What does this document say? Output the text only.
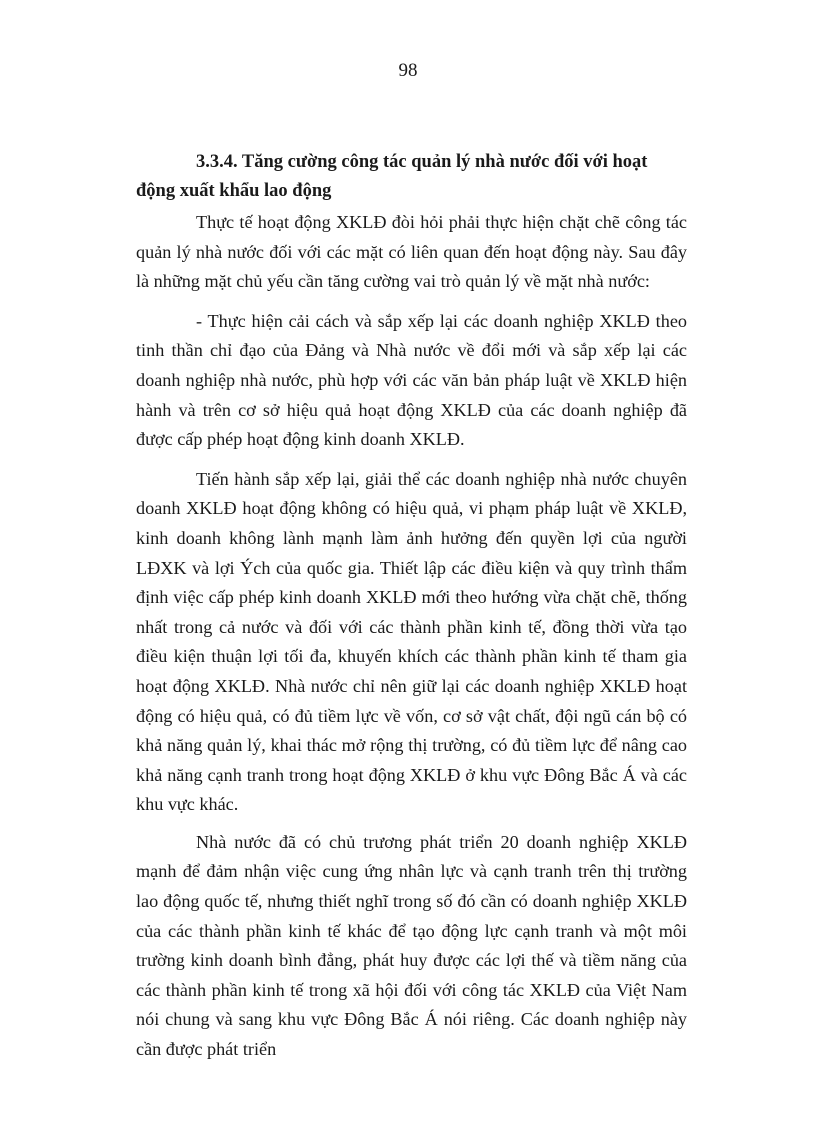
98

3.3.4. Tăng cường công tác quản lý nhà nước đối với hoạt động xuất khẩu lao động

Thực tế hoạt động XKLĐ đòi hỏi phải thực hiện chặt chẽ công tác quản lý nhà nước đối với các mặt có liên quan đến hoạt động này. Sau đây là những mặt chủ yếu cần tăng cường vai trò quản lý về mặt nhà nước:

- Thực hiện cải cách và sắp xếp lại các doanh nghiệp XKLĐ theo tinh thần chỉ đạo của Đảng và Nhà nước về đổi mới và sắp xếp lại các doanh nghiệp nhà nước, phù hợp với các văn bản pháp luật về XKLĐ hiện hành và trên cơ sở hiệu quả hoạt động XKLĐ của các doanh nghiệp đã được cấp phép hoạt động kinh doanh XKLĐ.

Tiến hành sắp xếp lại, giải thể các doanh nghiệp nhà nước chuyên doanh XKLĐ hoạt động không có hiệu quả, vi phạm pháp luật về XKLĐ, kinh doanh không lành mạnh làm ảnh hưởng đến quyền lợi của người LĐXK và lợi Ých của quốc gia. Thiết lập các điều kiện và quy trình thẩm định việc cấp phép kinh doanh XKLĐ mới theo hướng vừa chặt chẽ, thống nhất trong cả nước và đối với các thành phần kinh tế, đồng thời vừa tạo điều kiện thuận lợi tối đa, khuyến khích các thành phần kinh tế tham gia hoạt động XKLĐ. Nhà nước chỉ nên giữ lại các doanh nghiệp XKLĐ hoạt động có hiệu quả, có đủ tiềm lực về vốn, cơ sở vật chất, đội ngũ cán bộ có khả năng quản lý, khai thác mở rộng thị trường, có đủ tiềm lực để nâng cao khả năng cạnh tranh trong hoạt động XKLĐ ở khu vực Đông Bắc Á và các khu vực khác.

Nhà nước đã có chủ trương phát triển 20 doanh nghiệp XKLĐ mạnh để đảm nhận việc cung ứng nhân lực và cạnh tranh trên thị trường lao động quốc tế, nhưng thiết nghĩ trong số đó cần có doanh nghiệp XKLĐ của các thành phần kinh tế khác để tạo động lực cạnh tranh và một môi trường kinh doanh bình đẳng, phát huy được các lợi thế và tiềm năng của các thành phần kinh tế trong xã hội đối với công tác XKLĐ của Việt Nam nói chung và sang khu vực Đông Bắc Á nói riêng. Các doanh nghiệp này cần được phát triển
